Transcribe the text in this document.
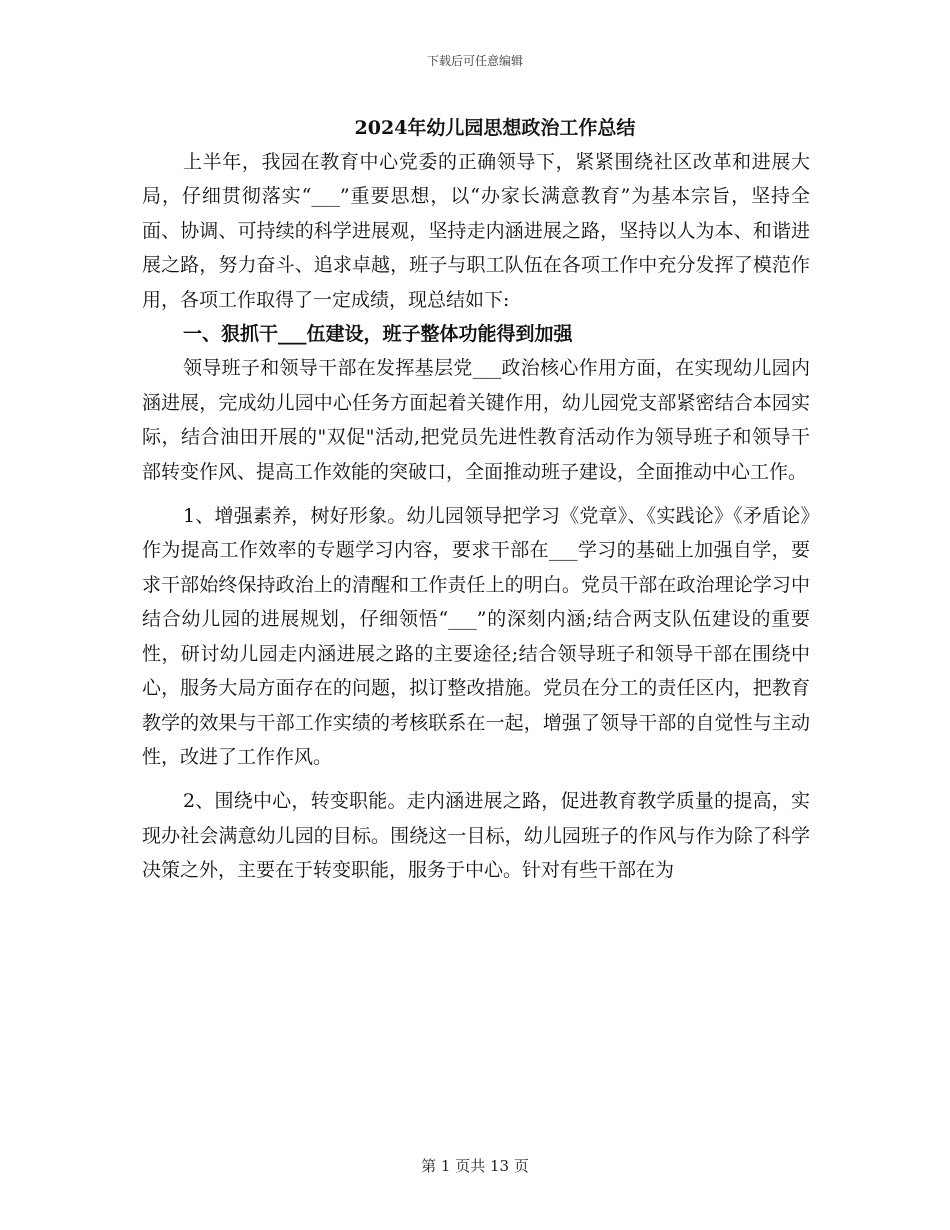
下载后可任意编辑
2024年幼儿园思想政治工作总结

上半年，我园在教育中心党委的正确领导下，紧紧围绕社区改革和进展大局，仔细贯彻落实“___”重要思想，以“办家长满意教育”为基本宗旨，坚持全面、协调、可持续的科学进展观，坚持走内涵进展之路，坚持以人为本、和谐进展之路，努力奋斗、追求卓越，班子与职工队伍在各项工作中充分发挥了模范作用，各项工作取得了一定成绩，现总结如下:

一、狠抓干___伍建设，班子整体功能得到加强

领导班子和领导干部在发挥基层党___政治核心作用方面，在实现幼儿园内涵进展，完成幼儿园中心任务方面起着关键作用，幼儿园党支部紧密结合本园实际，结合油田开展的"双促"活动,把党员先进性教育活动作为领导班子和领导干部转变作风、提高工作效能的突破口，全面推动班子建设，全面推动中心工作。

1、增强素养，树好形象。幼儿园领导把学习《党章》、《实践论》《矛盾论》作为提高工作效率的专题学习内容，要求干部在___学习的基础上加强自学，要求干部始终保持政治上的清醒和工作责任上的明白。党员干部在政治理论学习中结合幼儿园的进展规划，仔细领悟“___”的深刻内涵;结合两支队伍建设的重要性，研讨幼儿园走内涵进展之路的主要途径;结合领导班子和领导干部在围绕中心，服务大局方面存在的问题，拟订整改措施。党员在分工的责任区内，把教育教学的效果与干部工作实绩的考核联系在一起，增强了领导干部的自觉性与主动性，改进了工作作风。

2、围绕中心，转变职能。走内涵进展之路，促进教育教学质量的提高，实现办社会满意幼儿园的目标。围绕这一目标，幼儿园班子的作风与作为除了科学决策之外，主要在于转变职能，服务于中心。针对有些干部在为

第 1 页共 13 页
